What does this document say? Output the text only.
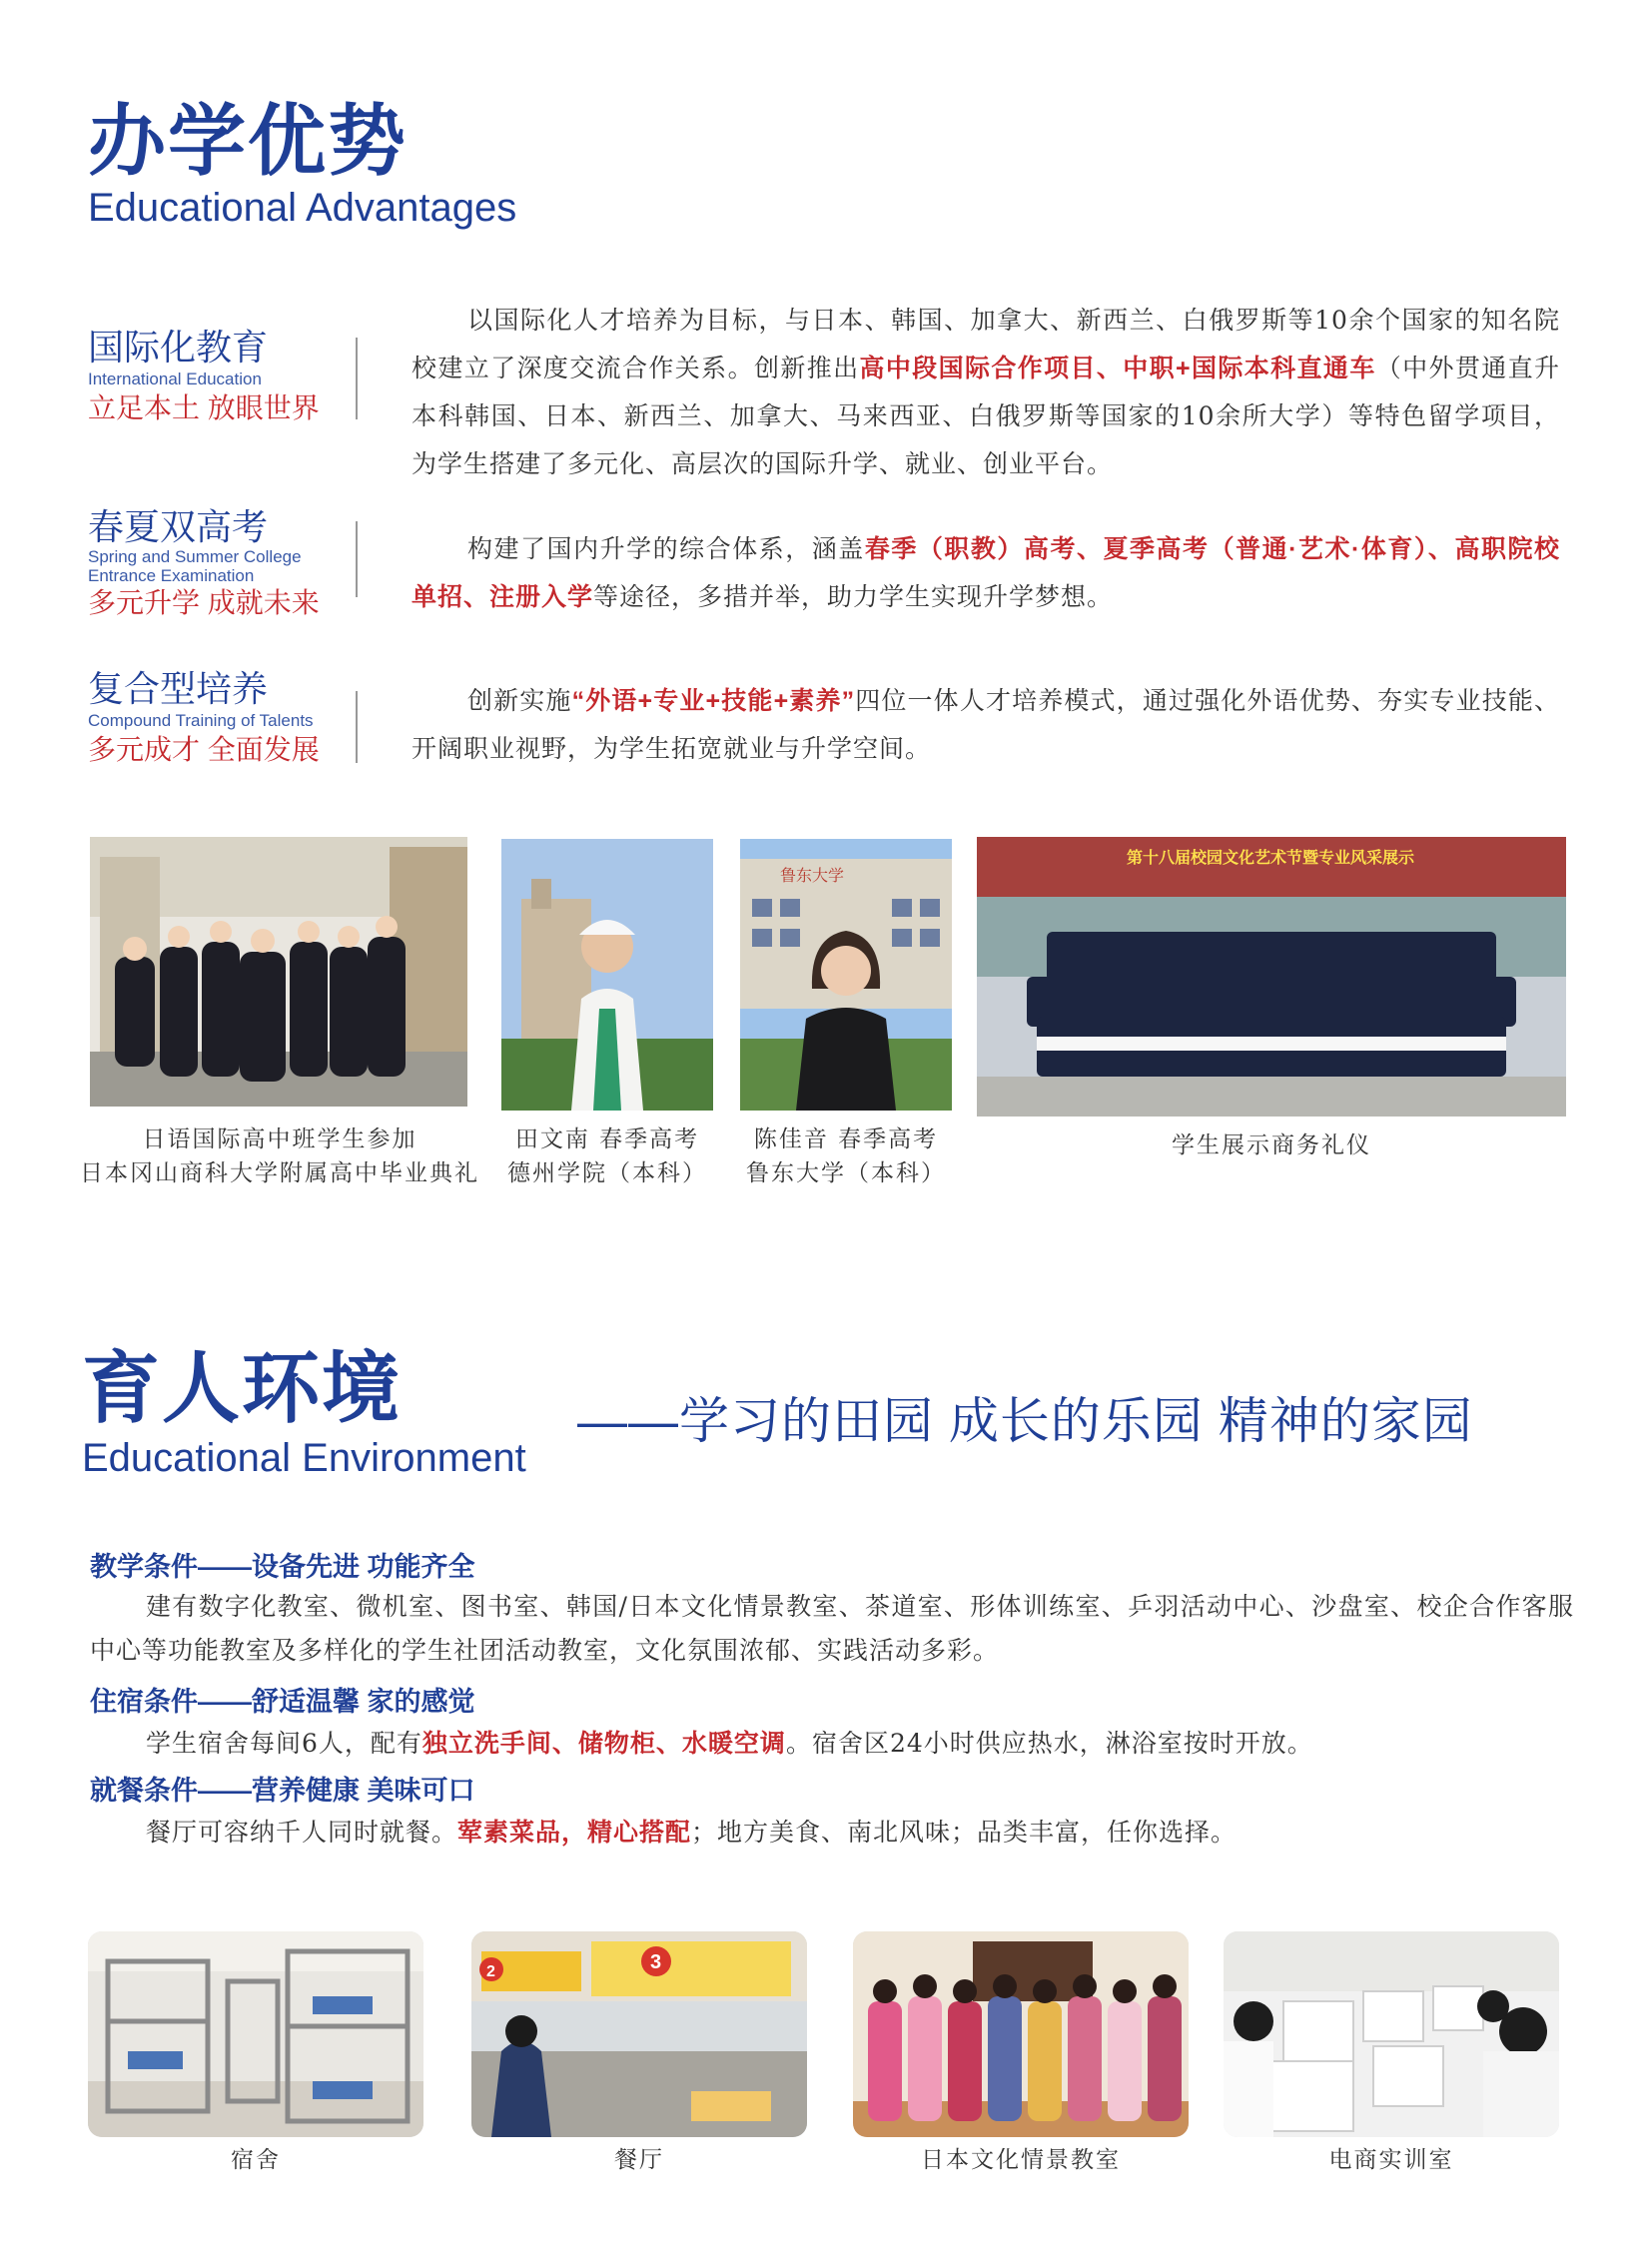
办学优势
Educational Advantages
国际化教育
International Education
立足本土 放眼世界
以国际化人才培养为目标，与日本、韩国、加拿大、新西兰、白俄罗斯等10余个国家的知名院校建立了深度交流合作关系。创新推出高中段国际合作项目、中职+国际本科直通车（中外贯通直升本科韩国、日本、新西兰、加拿大、马来西亚、白俄罗斯等国家的10余所大学）等特色留学项目，为学生搭建了多元化、高层次的国际升学、就业、创业平台。
春夏双高考
Spring and Summer College
Entrance Examination
多元升学 成就未来
构建了国内升学的综合体系，涵盖春季（职教）高考、夏季高考（普通·艺术·体育）、高职院校单招、注册入学等途径，多措并举，助力学生实现升学梦想。
复合型培养
Compound Training of Talents
多元成才 全面发展
创新实施“外语+专业+技能+素养”四位一体人才培养模式，通过强化外语优势、夯实专业技能、开阔职业视野，为学生拓宽就业与升学空间。
鲁东大学
第十八届校园文化艺术节暨专业风采展示
日语国际高中班学生参加
日本冈山商科大学附属高中毕业典礼
田文南 春季高考
德州学院（本科）
陈佳音 春季高考
鲁东大学（本科）
学生展示商务礼仪
育人环境
Educational Environment
——学习的田园 成长的乐园 精神的家园
教学条件——设备先进 功能齐全
建有数字化教室、微机室、图书室、韩国/日本文化情景教室、茶道室、形体训练室、乒羽活动中心、沙盘室、校企合作客服中心等功能教室及多样化的学生社团活动教室，文化氛围浓郁、实践活动多彩。
住宿条件——舒适温馨 家的感觉
学生宿舍每间6人，配有独立洗手间、储物柜、水暖空调。宿舍区24小时供应热水，淋浴室按时开放。
就餐条件——营养健康 美味可口
餐厅可容纳千人同时就餐。荤素菜品，精心搭配；地方美食、南北风味；品类丰富，任你选择。
3
2
宿舍	餐厅	日本文化情景教室	电商实训室
